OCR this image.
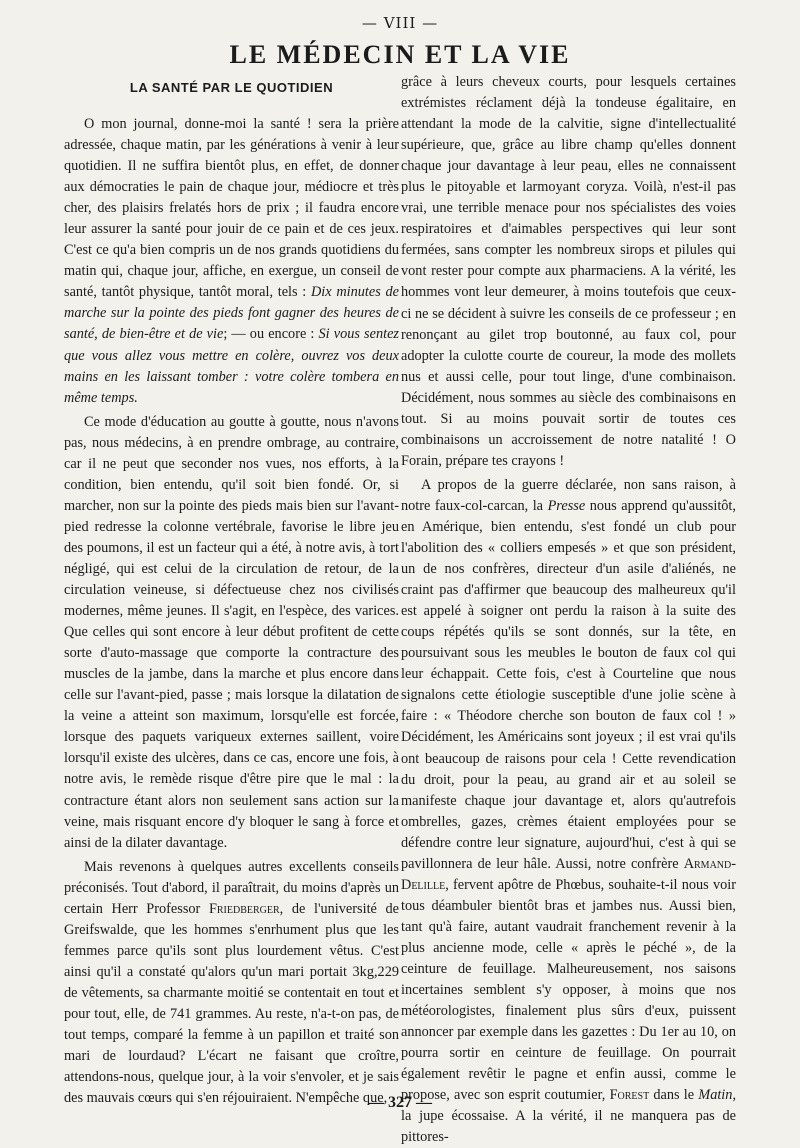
— VIII —
LE MÉDECIN ET LA VIE
LA SANTÉ PAR LE QUOTIDIEN

O mon journal, donne-moi la santé ! sera la prière adressée, chaque matin, par les générations à venir à leur quotidien. Il ne suffira bientôt plus, en effet, de donner aux démocraties le pain de chaque jour, médiocre et très cher, des plaisirs frelatés hors de prix ; il faudra encore leur assurer la santé pour jouir de ce pain et de ces jeux. C'est ce qu'a bien compris un de nos grands quotidiens du matin qui, chaque jour, affiche, en exergue, un conseil de santé, tantôt physique, tantôt moral, tels : Dix minutes de marche sur la pointe des pieds font gagner des heures de santé, de bien-être et de vie; — ou encore : Si vous sentez que vous allez vous mettre en colère, ouvrez vos deux mains en les laissant tomber : votre colère tombera en même temps.

Ce mode d'éducation au goutte à goutte, nous n'avons pas, nous médecins, à en prendre ombrage, au contraire, car il ne peut que seconder nos vues, nos efforts, à la condition, bien entendu, qu'il soit bien fondé. Or, si marcher, non sur la pointe des pieds mais bien sur l'avant-pied redresse la colonne vertébrale, favorise le libre jeu des poumons, il est un facteur qui a été, à notre avis, à tort négligé, qui est celui de la circulation de retour, de la circulation veineuse, si défectueuse chez nos civilisés modernes, même jeunes. Il s'agit, en l'espèce, des varices. Que celles qui sont encore à leur début profitent de cette sorte d'auto-massage que comporte la contracture des muscles de la jambe, dans la marche et plus encore dans celle sur l'avant-pied, passe ; mais lorsque la dilatation de la veine a atteint son maximum, lorsqu'elle est forcée, lorsque des paquets variqueux externes saillent, voire lorsqu'il existe des ulcères, dans ce cas, encore une fois, à notre avis, le remède risque d'être pire que le mal : la contracture étant alors non seulement sans action sur la veine, mais risquant encore d'y bloquer le sang à force et ainsi de la dilater davantage.

Mais revenons à quelques autres excellents conseils préconisés. Tout d'abord, il paraîtrait, du moins d'après un certain Herr Professor Friedberger, de l'université de Greifswalde, que les hommes s'enrhument plus que les femmes parce qu'ils sont plus lourdement vêtus. C'est ainsi qu'il a constaté qu'alors qu'un mari portait 3kg,229 de vêtements, sa charmante moitié se contentait en tout et pour tout, elle, de 741 grammes. Au reste, n'a-t-on pas, de tout temps, comparé la femme à un papillon et traité son mari de lourdaud? L'écart ne faisant que croître, attendons-nous, quelque jour, à la voir s'envoler, et je sais des mauvais cœurs qui s'en réjouiraient. N'empêche que,

grâce à leurs cheveux courts, pour lesquels certaines extrémistes réclament déjà la tondeuse égalitaire, en attendant la mode de la calvitie, signe d'intellectualité supérieure, que, grâce au libre champ qu'elles donnent chaque jour davantage à leur peau, elles ne connaissent plus le pitoyable et larmoyant coryza. Voilà, n'est-il pas vrai, une terrible menace pour nos spécialistes des voies respiratoires et d'aimables perspectives qui leur sont fermées, sans compter les nombreux sirops et pilules qui vont rester pour compte aux pharmaciens. A la vérité, les hommes vont leur demeurer, à moins toutefois que ceux-ci ne se décident à suivre les conseils de ce professeur ; en renonçant au gilet trop boutonné, au faux col, pour adopter la culotte courte de coureur, la mode des mollets nus et aussi celle, pour tout linge, d'une combinaison. Décidément, nous sommes au siècle des combinaisons en tout. Si au moins pouvait sortir de toutes ces combinaisons un accroissement de notre natalité ! O Forain, prépare tes crayons !

A propos de la guerre déclarée, non sans raison, à notre faux-col-carcan, la Presse nous apprend qu'aussitôt, en Amérique, bien entendu, s'est fondé un club pour l'abolition des « colliers empesés » et que son président, un de nos confrères, directeur d'un asile d'aliénés, ne craint pas d'affirmer que beaucoup des malheureux qu'il est appelé à soigner ont perdu la raison à la suite des coups répétés qu'ils se sont donnés, sur la tête, en poursuivant sous les meubles le bouton de faux col qui leur échappait. Cette fois, c'est à Courteline que nous signalons cette étiologie susceptible d'une jolie scène à faire : « Théodore cherche son bouton de faux col ! » Décidément, les Américains sont joyeux ; il est vrai qu'ils ont beaucoup de raisons pour cela ! Cette revendication du droit, pour la peau, au grand air et au soleil se manifeste chaque jour davantage et, alors qu'autrefois ombrelles, gazes, crèmes étaient employées pour se défendre contre leur signature, aujourd'hui, c'est à qui se pavillonnera de leur hâle. Aussi, notre confrère Armand-Delille, fervent apôtre de Phœbus, souhaite-t-il nous voir tous déambuler bientôt bras et jambes nus. Aussi bien, tant qu'à faire, autant vaudrait franchement revenir à la plus ancienne mode, celle « après le péché », de la ceinture de feuillage. Malheureusement, nos saisons incertaines semblent s'y opposer, à moins que nos météorologistes, finalement plus sûrs d'eux, puissent annoncer par exemple dans les gazettes : Du 1er au 10, on pourra sortir en ceinture de feuillage. On pourrait également revêtir le pagne et enfin aussi, comme le propose, avec son esprit coutumier, Forest dans le Matin, la jupe écossaise. A la vérité, il ne manquera pas de pittores-

— 327 —
